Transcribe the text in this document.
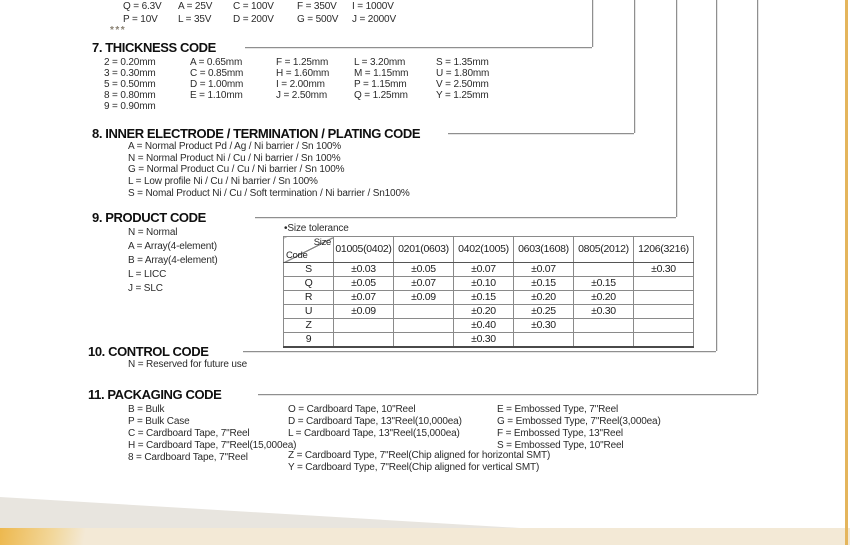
Q = 6.3V	A = 25V	C = 100V	F = 350V	I = 1000V
P = 10V	L = 35V	D = 200V	G = 500V	J = 2000V
***
7. THICKNESS CODE
2 = 0.20mm	A = 0.65mm	F = 1.25mm	L = 3.20mm	S = 1.35mm
3 = 0.30mm	C = 0.85mm	H = 1.60mm	M = 1.15mm	U = 1.80mm
5 = 0.50mm	D = 1.00mm	I = 2.00mm	P = 1.15mm	V = 2.50mm
8 = 0.80mm	E = 1.10mm	J = 2.50mm	Q = 1.25mm	Y = 1.25mm
9 = 0.90mm
8. INNER ELECTRODE / TERMINATION / PLATING CODE
A = Normal Product Pd / Ag / Ni barrier / Sn 100%
N = Normal Product Ni / Cu / Ni barrier / Sn 100%
G = Normal Product Cu / Cu / Ni barrier / Sn 100%
L = Low profile Ni / Cu / Ni barrier / Sn 100%
S = Nomal Product Ni / Cu / Soft termination / Ni barrier / Sn100%
9. PRODUCT CODE
N = Normal
A = Array(4-element)
B = Array(4-element)
L = LICC
J = SLC
•Size tolerance
Size
Code	01005(0402)	0201(0603)	0402(1005)	0603(1608)	0805(2012)	1206(3216)
S	±0.03	±0.05	±0.07	±0.07		±0.30
Q	±0.05	±0.07	±0.10	±0.15	±0.15	
R	±0.07	±0.09	±0.15	±0.20	±0.20	
U	±0.09		±0.20	±0.25	±0.30	
Z			±0.40	±0.30		
9			±0.30			
10. CONTROL CODE
N = Reserved for future use
11. PACKAGING CODE
B = Bulk
P = Bulk Case
C = Cardboard Tape, 7"Reel
H = Cardboard Tape, 7"Reel(15,000ea)
8 = Cardboard Tape, 7"Reel
O = Cardboard Tape, 10"Reel
D = Cardboard Tape, 13"Reel(10,000ea)
L = Cardboard Tape, 13"Reel(15,000ea)
Z = Cardboard Type, 7"Reel(Chip aligned for horizontal SMT)
Y = Cardboard Type, 7"Reel(Chip aligned for vertical SMT)
E = Embossed Type, 7"Reel
G = Embossed Type, 7"Reel(3,000ea)
F = Embossed Type, 13"Reel
S = Embossed Type, 10"Reel
